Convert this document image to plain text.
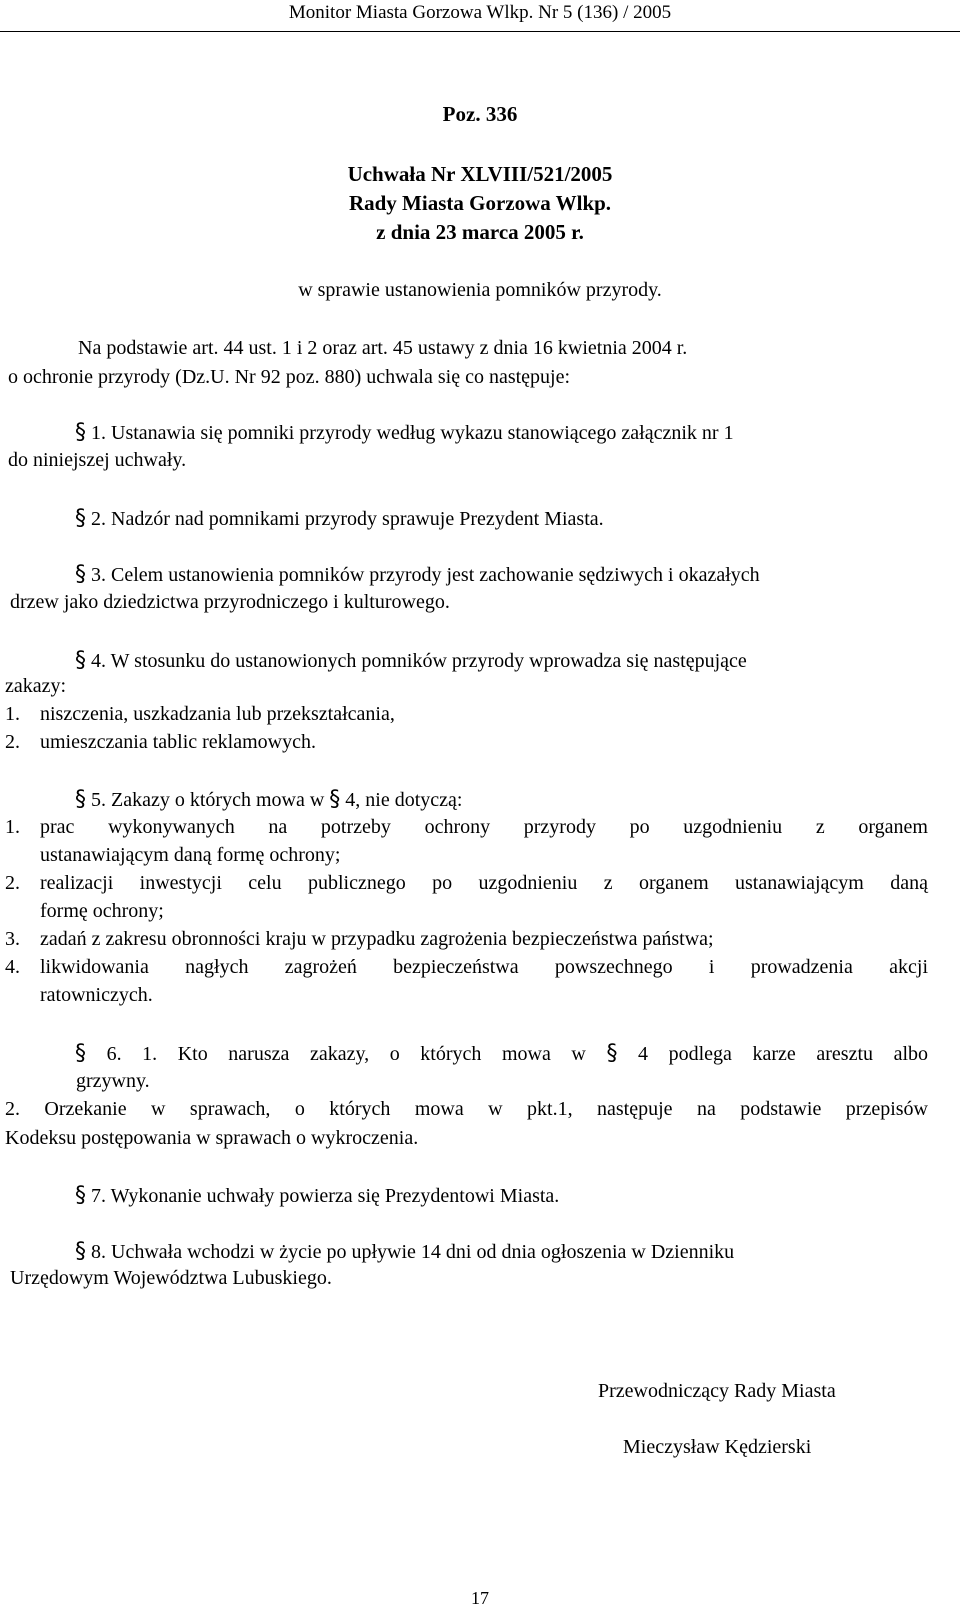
Monitor Miasta Gorzowa Wlkp. Nr 5 (136) / 2005
Poz. 336
Uchwała Nr XLVIII/521/2005
Rady Miasta Gorzowa Wlkp.
z dnia 23 marca 2005 r.
w sprawie ustanowienia pomników przyrody.
Na podstawie art. 44 ust. 1 i 2 oraz art. 45 ustawy z dnia 16 kwietnia 2004 r.
o ochronie przyrody (Dz.U. Nr 92 poz. 880) uchwala się co następuje:
§ 1. Ustanawia się pomniki przyrody według wykazu stanowiącego załącznik nr 1
do niniejszej uchwały.
§ 2. Nadzór nad pomnikami przyrody sprawuje Prezydent Miasta.
§ 3. Celem ustanowienia pomników przyrody jest zachowanie sędziwych i okazałych
drzew jako dziedzictwa przyrodniczego i kulturowego.
§ 4. W stosunku do ustanowionych pomników przyrody wprowadza się następujące
zakazy:
1. niszczenia, uszkadzania lub przekształcania,
2. umieszczania tablic reklamowych.
§ 5. Zakazy o których mowa w § 4, nie dotyczą:
1. prac wykonywanych na potrzeby ochrony przyrody po uzgodnieniu z organem
ustanawiającym daną formę ochrony;
2. realizacji inwestycji celu publicznego po uzgodnieniu z organem ustanawiającym daną
formę ochrony;
3. zadań z zakresu obronności kraju w przypadku zagrożenia bezpieczeństwa państwa;
4. likwidowania nagłych zagrożeń bezpieczeństwa powszechnego i prowadzenia akcji
ratowniczych.
§ 6. 1. Kto narusza zakazy, o których mowa w § 4 podlega karze aresztu albo
grzywny.
2. Orzekanie w sprawach, o których mowa w pkt.1, następuje na podstawie przepisów
Kodeksu postępowania w sprawach o wykroczenia.
§ 7. Wykonanie uchwały powierza się Prezydentowi Miasta.
§ 8. Uchwała wchodzi w życie po upływie 14 dni od dnia ogłoszenia w Dzienniku
Urzędowym Województwa Lubuskiego.
Przewodniczący Rady Miasta
Mieczysław Kędzierski
17
